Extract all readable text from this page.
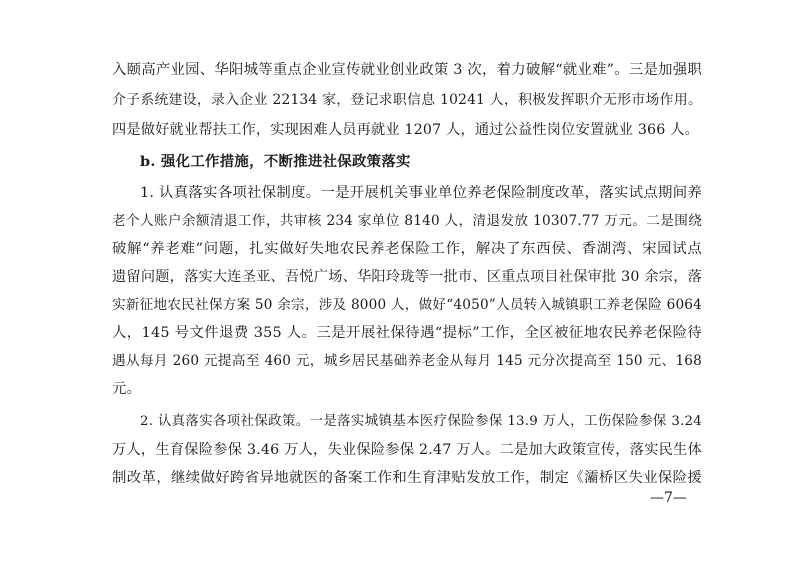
入颐高产业园、华阳城等重点企业宣传就业创业政策 3 次，着力破解“就业难”。三是加强职
介子系统建设，录入企业 22134 家，登记求职信息 10241 人，积极发挥职介无形市场作用。
四是做好就业帮扶工作，实现困难人员再就业 1207 人，通过公益性岗位安置就业 366 人。
b. 强化工作措施，不断推进社保政策落实
1. 认真落实各项社保制度。一是开展机关事业单位养老保险制度改革，落实试点期间养
老个人账户余额清退工作，共审核 234 家单位 8140 人，清退发放 10307.77 万元。二是围绕
破解“养老难”问题，扎实做好失地农民养老保险工作，解决了东西侯、香湖湾、宋园试点
遗留问题，落实大连圣亚、吾悦广场、华阳玲珑等一批市、区重点项目社保审批 30 余宗，落
实新征地农民社保方案 50 余宗，涉及 8000 人，做好“4050”人员转入城镇职工养老保险 6064
人，145 号文件退费 355 人。三是开展社保待遇“提标”工作，全区被征地农民养老保险待
遇从每月 260 元提高至 460 元，城乡居民基础养老金从每月 145 元分次提高至 150 元、168
元。
2. 认真落实各项社保政策。一是落实城镇基本医疗保险参保 13.9 万人，工伤保险参保 3.24
万人，生育保险参保 3.46 万人，失业保险参保 2.47 万人。二是加大政策宣传，落实民生体
制改革，继续做好跨省异地就医的备案工作和生育津贴发放工作，制定《灞桥区失业保险援
—7—
